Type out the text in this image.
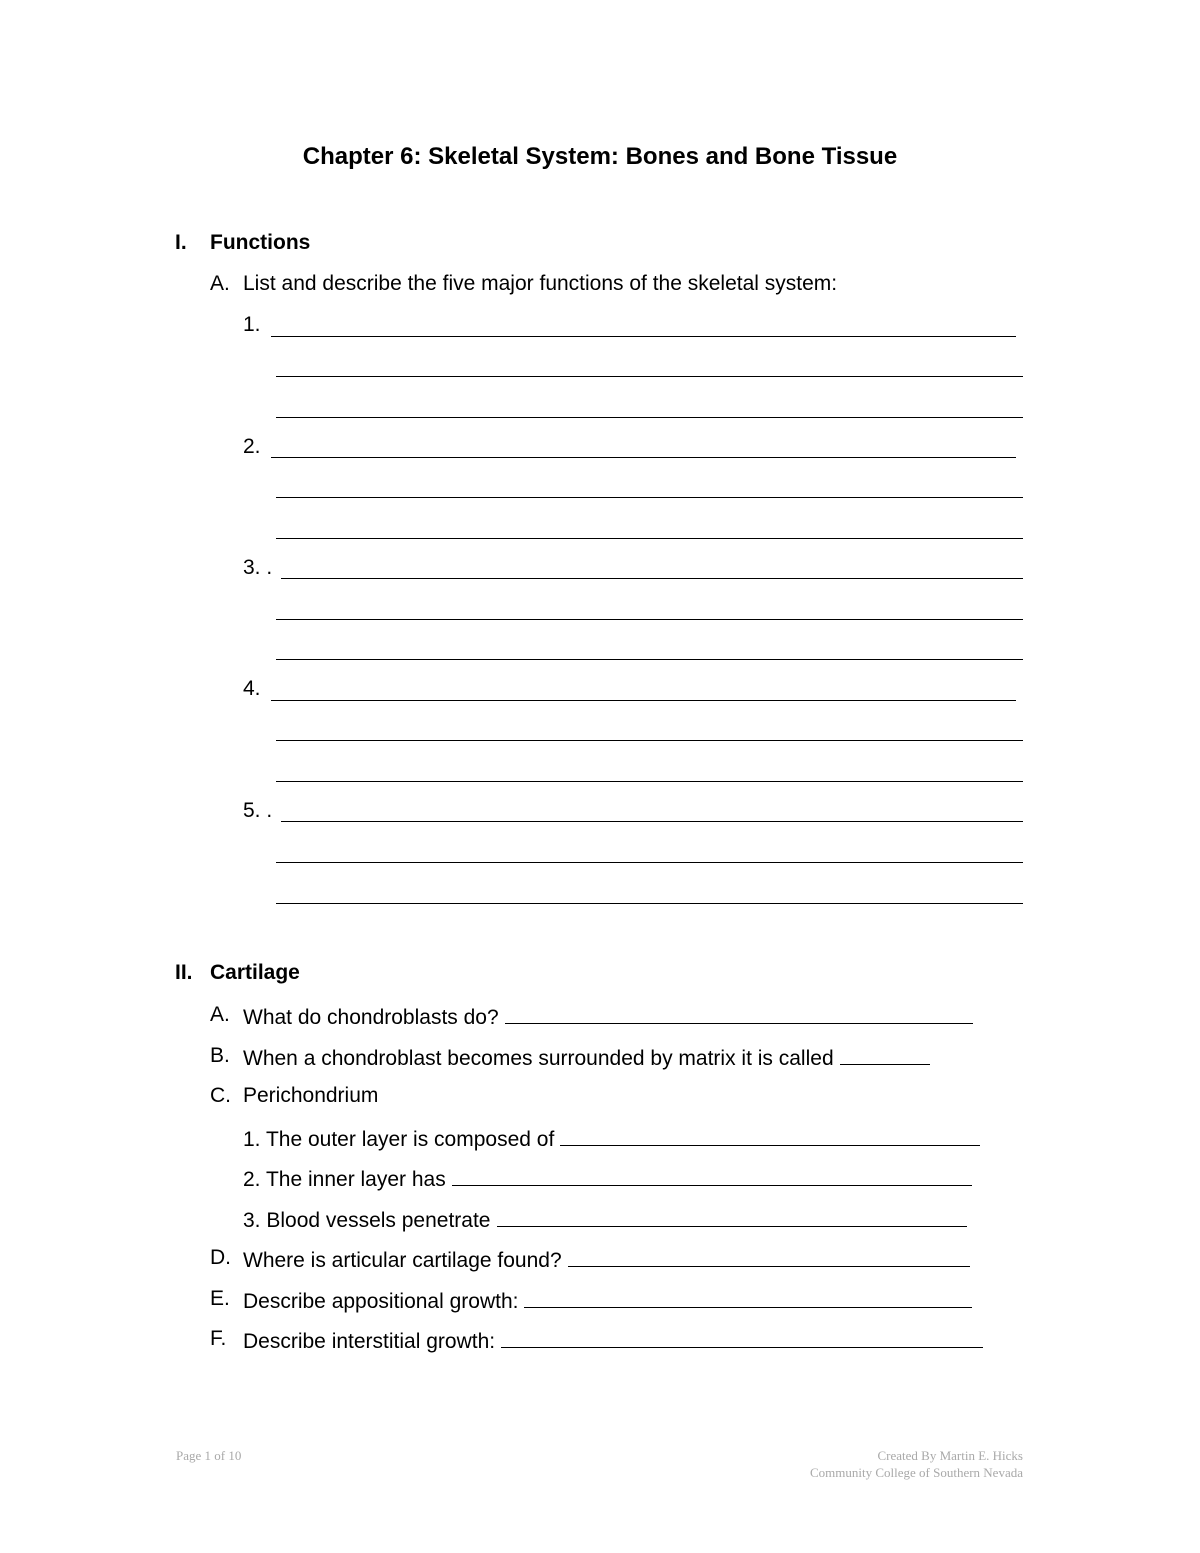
Chapter 6: Skeletal System: Bones and Bone Tissue
I. Functions
A. List and describe the five major functions of the skeletal system:
1.
2.
3. .
4.
5. .
II. Cartilage
A. What do chondroblasts do?
B. When a chondroblast becomes surrounded by matrix it is called
C. Perichondrium
1. The outer layer is composed of
2. The inner layer has
3. Blood vessels penetrate
D. Where is articular cartilage found?
E. Describe appositional growth:
F. Describe interstitial growth:
Page 1 of 10	Created By Martin E. Hicks
Community College of Southern Nevada
